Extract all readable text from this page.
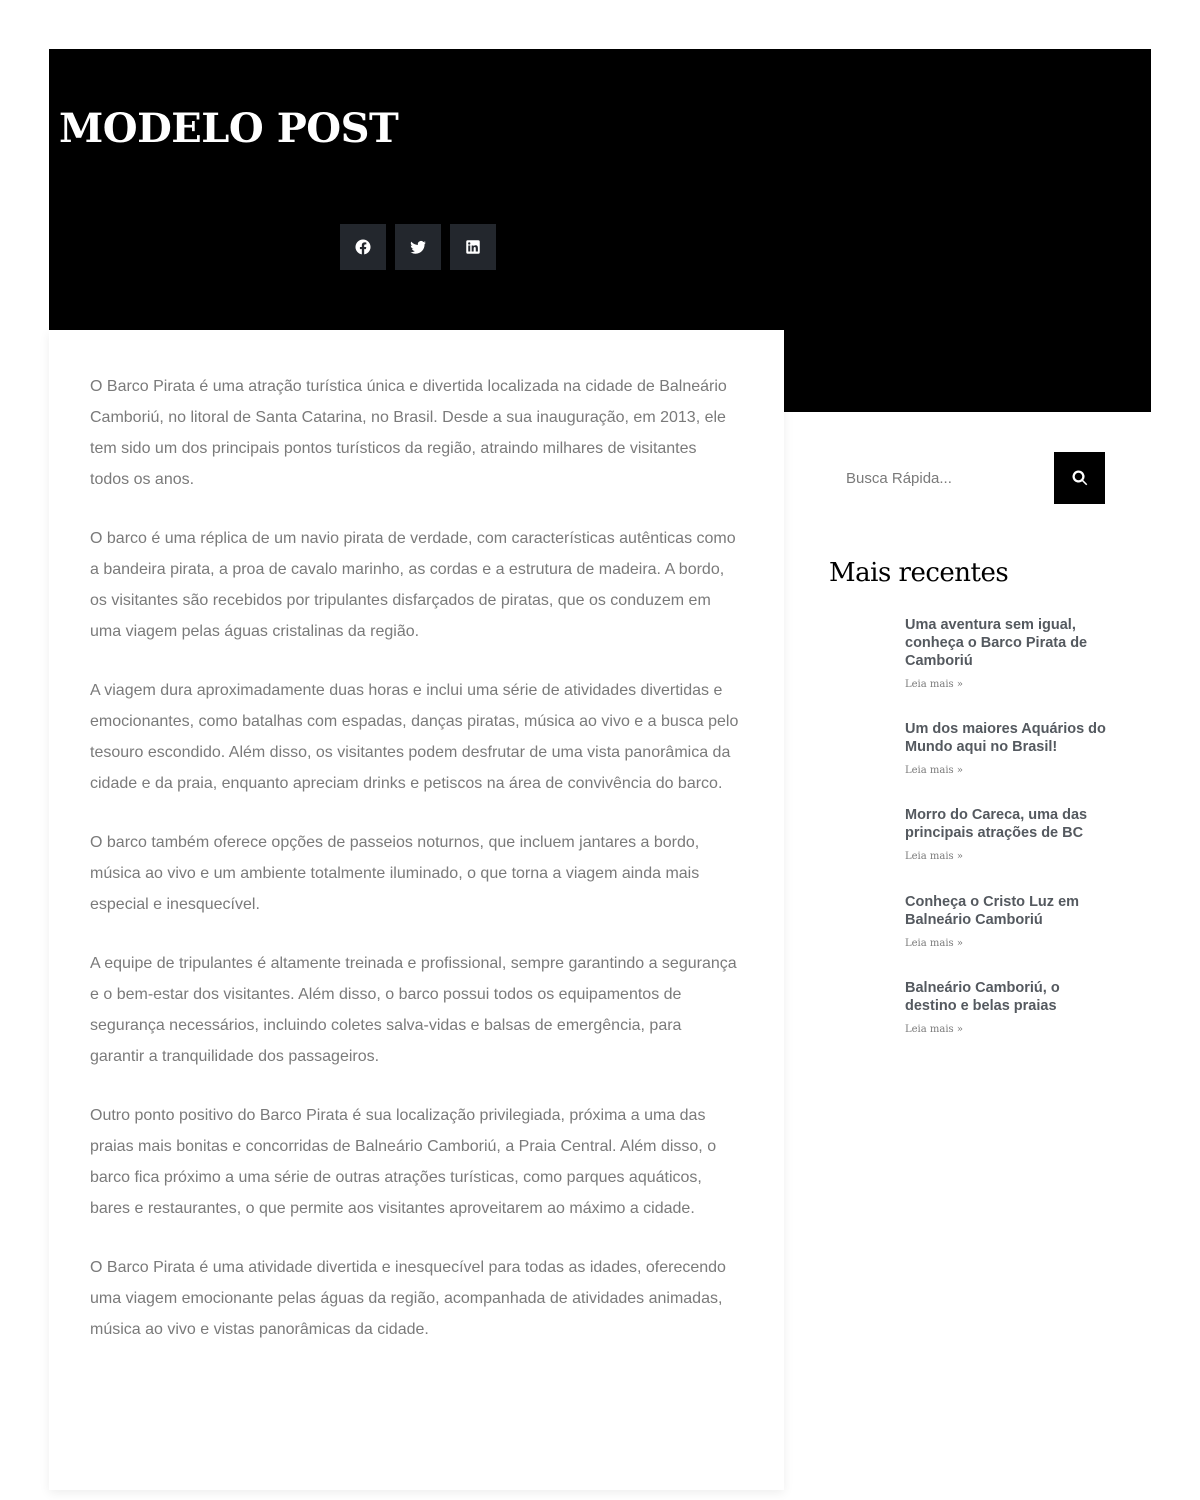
MODELO POST

O Barco Pirata é uma atração turística única e divertida localizada na cidade de Balneário Camboriú, no litoral de Santa Catarina, no Brasil. Desde a sua inauguração, em 2013, ele tem sido um dos principais pontos turísticos da região, atraindo milhares de visitantes todos os anos.

O barco é uma réplica de um navio pirata de verdade, com características autênticas como a bandeira pirata, a proa de cavalo marinho, as cordas e a estrutura de madeira. A bordo, os visitantes são recebidos por tripulantes disfarçados de piratas, que os conduzem em uma viagem pelas águas cristalinas da região.

A viagem dura aproximadamente duas horas e inclui uma série de atividades divertidas e emocionantes, como batalhas com espadas, danças piratas, música ao vivo e a busca pelo tesouro escondido. Além disso, os visitantes podem desfrutar de uma vista panorâmica da cidade e da praia, enquanto apreciam drinks e petiscos na área de convivência do barco.

O barco também oferece opções de passeios noturnos, que incluem jantares a bordo, música ao vivo e um ambiente totalmente iluminado, o que torna a viagem ainda mais especial e inesquecível.

A equipe de tripulantes é altamente treinada e profissional, sempre garantindo a segurança e o bem-estar dos visitantes. Além disso, o barco possui todos os equipamentos de segurança necessários, incluindo coletes salva-vidas e balsas de emergência, para garantir a tranquilidade dos passageiros.

Outro ponto positivo do Barco Pirata é sua localização privilegiada, próxima a uma das praias mais bonitas e concorridas de Balneário Camboriú, a Praia Central. Além disso, o barco fica próximo a uma série de outras atrações turísticas, como parques aquáticos, bares e restaurantes, o que permite aos visitantes aproveitarem ao máximo a cidade.

O Barco Pirata é uma atividade divertida e inesquecível para todas as idades, oferecendo uma viagem emocionante pelas águas da região, acompanhada de atividades animadas, música ao vivo e vistas panorâmicas da cidade.

Busca Rápida...
Mais recentes
Uma aventura sem igual, conheça o Barco Pirata de Camboriú
Leia mais »
Um dos maiores Aquários do Mundo aqui no Brasil!
Leia mais »
Morro do Careca, uma das principais atrações de BC
Leia mais »
Conheça o Cristo Luz em Balneário Camboriú
Leia mais »
Balneário Camboriú, o destino e belas praias
Leia mais »
